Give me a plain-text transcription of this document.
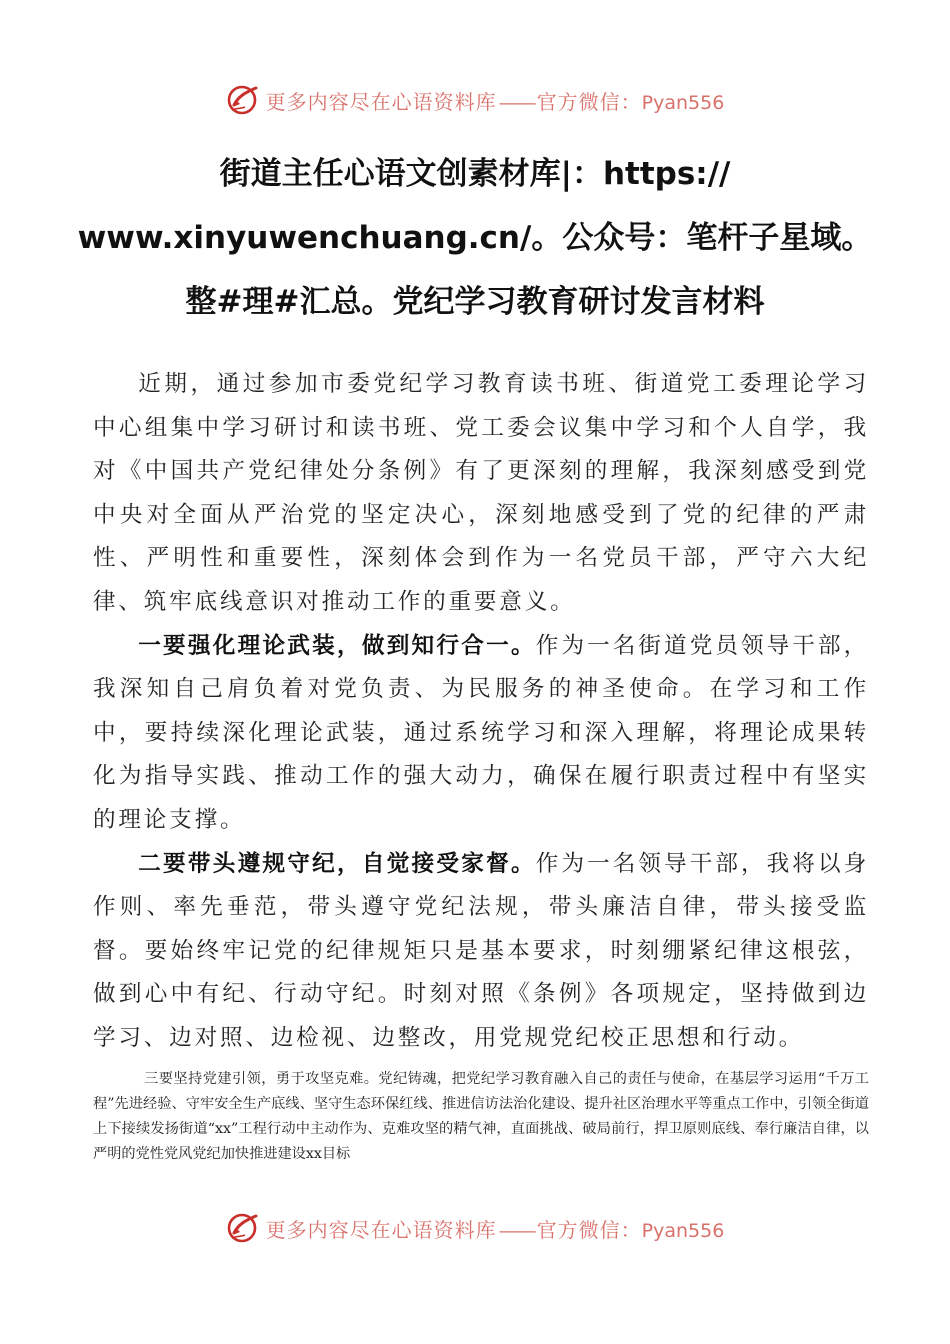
更多内容尽在心语资料库 —— 官方微信：Pyan556
街道主任心语文创素材库|：https://
www.xinyuwenchuang.cn/。公众号：笔杆子星域。
整#理#汇总。党纪学习教育研讨发言材料

近期，通过参加市委党纪学习教育读书班、街道党工委理论学习中心组集中学习研讨和读书班、党工委会议集中学习和个人自学，我对《中国共产党纪律处分条例》有了更深刻的理解，我深刻感受到党中央对全面从严治党的坚定决心，深刻地感受到了党的纪律的严肃性、严明性和重要性，深刻体会到作为一名党员干部，严守六大纪律、筑牢底线意识对推动工作的重要意义。

一要强化理论武装，做到知行合一。作为一名街道党员领导干部，我深知自己肩负着对党负责、为民服务的神圣使命。在学习和工作中，要持续深化理论武装，通过系统学习和深入理解，将理论成果转化为指导实践、推动工作的强大动力，确保在履行职责过程中有坚实的理论支撑。

二要带头遵规守纪，自觉接受家督。作为一名领导干部，我将以身作则、率先垂范，带头遵守党纪法规，带头廉洁自律，带头接受监督。要始终牢记党的纪律规矩只是基本要求，时刻绷紧纪律这根弦，做到心中有纪、行动守纪。时刻对照《条例》各项规定，坚持做到边学习、边对照、边检视、边整改，用党规党纪校正思想和行动。

三要坚持党建引领，勇于攻坚克难。党纪铸魂，把党纪学习教育融入自己的责任与使命，在基层学习运用“千万工程”先进经验、守牢安全生产底线、坚守生态环保红线、推进信访法治化建设、提升社区治理水平等重点工作中，引领全街道上下接续发扬街道“xx”工程行动中主动作为、克难攻坚的精气神，直面挑战、破局前行，捍卫原则底线、奉行廉洁自律，以严明的党性党风党纪加快推进建设xx目标

更多内容尽在心语资料库 —— 官方微信：Pyan556
